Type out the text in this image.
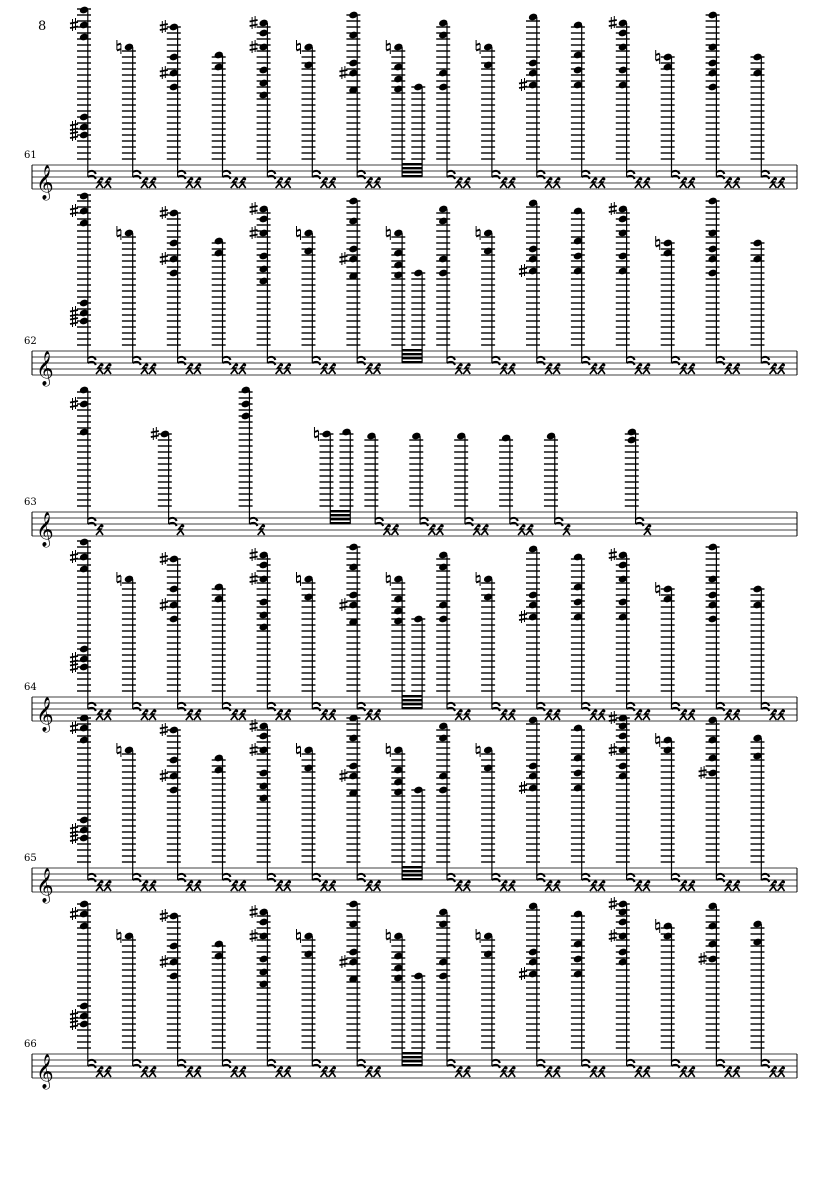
8
𝄞
61
𝄞
62
𝄞
63
𝄞
64
𝄞
65
𝄞
66
